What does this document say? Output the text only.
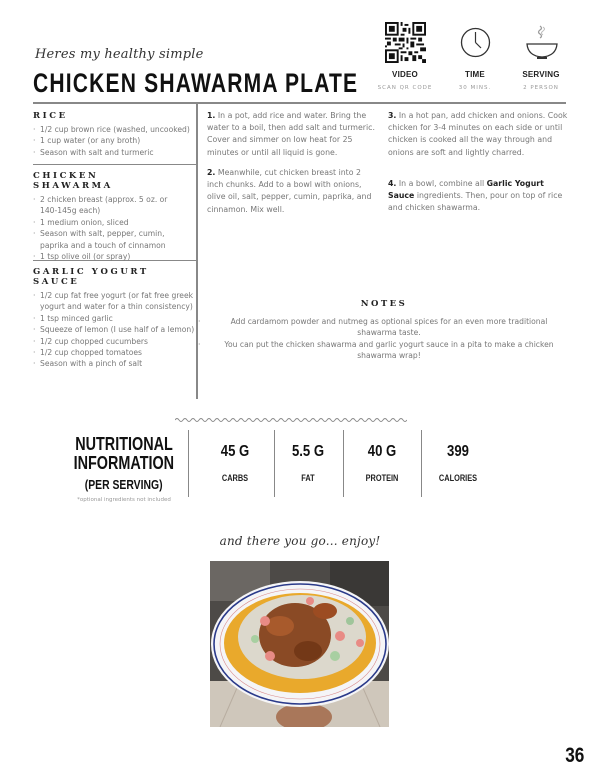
Heres my healthy simple
CHICKEN SHAWARMA PLATE	VIDEO
SCAN QR CODE
TIME
30 MINS.
SERVING
2 PERSON
RICE
· 1/2 cup brown rice (washed, uncooked)
· 1 cup water (or any broth)
· Season with salt and turmeric
CHICKEN SHAWARMA
· 2 chicken breast (approx. 5 oz. or 140-145g each)
· 1 medium onion, sliced
· Season with salt, pepper, cumin, paprika and a touch of cinnamon
· 1 tsp olive oil (or spray)
GARLIC YOGURT SAUCE
· 1/2 cup fat free yogurt (or fat free greek yogurt and water for a thin consistency)
· 1 tsp minced garlic
· Squeeze of lemon (I use half of a lemon)
· 1/2 cup chopped cucumbers
· 1/2 cup chopped tomatoes
· Season with a pinch of salt
1. In a pot, add rice and water. Bring the water to a boil, then add salt and turmeric. Cover and simmer on low heat for 25 minutes or until all liquid is gone.
2. Meanwhile, cut chicken breast into 2 inch chunks. Add to a bowl with onions, olive oil, salt, pepper, cumin, paprika, and cinnamon. Mix well.
3. In a hot pan, add chicken and onions. Cook chicken for 3-4 minutes on each side or until chicken is cooked all the way through and onions are soft and lightly charred.
4. In a bowl, combine all Garlic Yogurt Sauce ingredients. Then, pour on top of rice and chicken shawarma.
NOTES
·	Add cardamom powder and nutmeg as optional spices for an even more traditional shawarma taste.
·	You can put the chicken shawarma and garlic yogurt sauce in a pita to make a chicken shawarma wrap!
NUTRITIONAL
INFORMATION
(PER SERVING)
*optional ingredients not included
45 G
CARBS
5.5 G
FAT
40 G
PROTEIN
399
CALORIES
and there you go... enjoy!
36
